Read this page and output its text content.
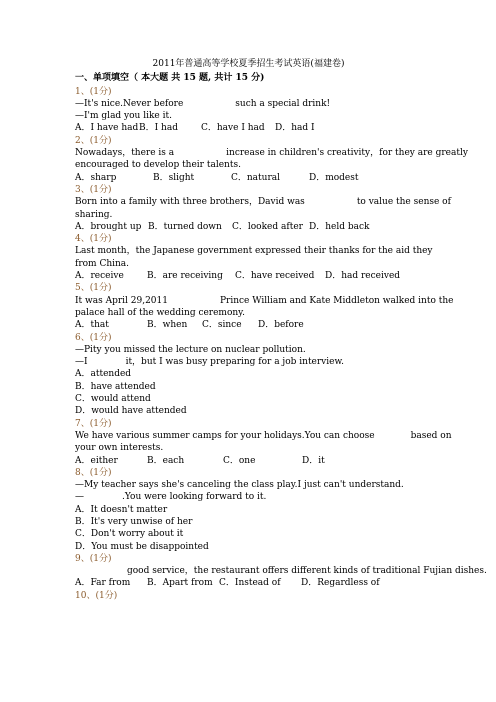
2011年普通高等学校夏季招生考试英语(福建卷)
一、单项填空（ 本大题 共 15 题, 共计 15 分)
1、(1分)
—It's nice.Never before	such a special drink!
—I'm glad you like it.
A．I have had B．I had	C．have I had	D．had I
2、(1分)
Nowadays，there is a	increase in children's creativity，for they are greatly
encouraged to develop their talents.
A．sharp	B．slight	C．natural	D．modest
3、(1分)
Born into a family with three brothers，David was	to value the sense of
sharing.
A．brought up B．turned down	C．looked after D．held back
4、(1分)
Last month，the Japanese government expressed their thanks for the aid they
from China.
A．receive	B．are receiving	C．have received	D．had received
5、(1分)
It was April 29,2011	Prince William and Kate Middleton walked into the
palace hall of the wedding ceremony.
A．that	B．when	C．since	D．before
6、(1分)
—Pity you missed the lecture on nuclear pollution.
—I	it，but I was busy preparing for a job interview.
A．attended
B．have attended
C．would attend
D．would have attended
7、(1分)
We have various summer camps for your holidays.You can choose	based on
your own interests.
A．either	B．each	C．one	D．it
8、(1分)
—My teacher says she's canceling the class play.I just can't understand.
—	.You were looking forward to it.
A．It doesn't matter
B．It's very unwise of her
C．Don't worry about it
D．You must be disappointed
9、(1分)
good service，the restaurant offers different kinds of traditional Fujian dishes.
A．Far from	B．Apart from C．Instead of	D．Regardless of
10、(1分)
